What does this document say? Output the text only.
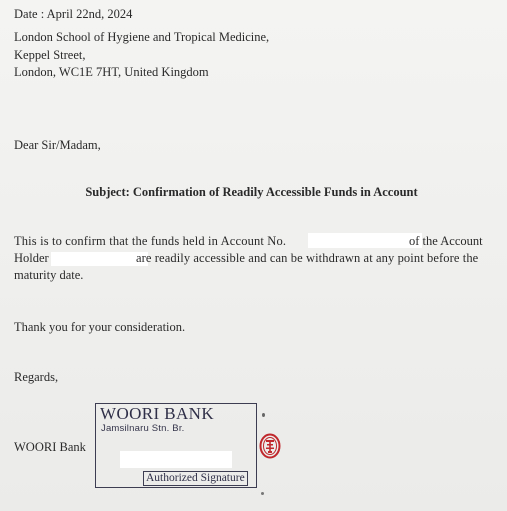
Date : April 22nd, 2024
London School of Hygiene and Tropical Medicine,
Keppel Street,
London, WC1E 7HT, United Kingdom
Dear Sir/Madam,
Subject: Confirmation of Readily Accessible Funds in Account
This is to confirm that the funds held in Account No.	of the Account
Holder	are readily accessible and can be withdrawn at any point before the
maturity date.
Thank you for your consideration.
Regards,
WOORI Bank
WOORI BANK
Jamsilnaru Stn. Br.
Authorized Signature
